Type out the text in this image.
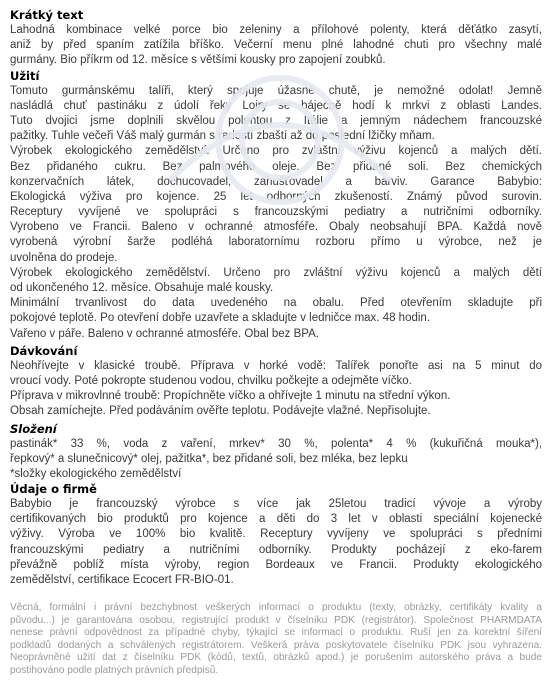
Krátký text
Lahodná kombinace velké porce bio zeleniny a přílohové polenty, která děťátko zasytí,
aniž by před spaním zatížila bříško. Večerní menu plné lahodné chuti pro všechny malé
gurmány. Bio příkrm od 12. měsíce s většími kousky pro zapojení zoubků.
Užití
Tomuto gurmánskému talíři, který spojuje úžasné chutě, je nemožné odolat! Jemně
nasládlá chuť pastináku z údolí řeky Loiry se báječně hodí k mrkvi z oblasti Landes.
Tuto dvojici jsme doplnili skvělou polentou z Itálie a jemným nádechem francouzské
pažitky. Tuhle večeři Váš malý gurmán s radostí zbaští až do poslední lžičky mňam.
Výrobek ekologického zemědělství. Určeno pro zvláštní výživu kojenců a malých dětí.
Bez přidaného cukru. Bez palmového oleje. Bez přidané soli. Bez chemických
konzervačních látek, dochucovadel, zahušťovadel a barviv. Garance Babybio:
Ekologická výživa pro kojence. 25 let odborných zkušeností. Známý původ surovin.
Receptury vyvíjené ve spolupráci s francouzskými pediatry a nutričními odborníky.
Vyrobeno ve Francii. Baleno v ochranné atmosféře. Obaly neobsahují BPA. Každá nově
vyrobená výrobní šarže podléhá laboratornímu rozboru přímo u výrobce, než je
uvolněna do prodeje.
Výrobek ekologického zemědělství. Určeno pro zvláštní výživu kojenců a malých dětí
od ukončeného 12. měsíce. Obsahuje malé kousky.
Minimální trvanlivost do data uvedeného na obalu. Před otevřením skladujte při
pokojové teplotě. Po otevření dobře uzavřete a skladujte v ledničce max. 48 hodin.
Vařeno v páře. Baleno v ochranné atmosféře. Obal bez BPA.
Dávkování
Neohřívejte v klasické troubě. Příprava v horké vodě: Talířek ponořte asi na 5 minut do
vroucí vody. Poté pokropte studenou vodou, chvilku počkejte a odejměte víčko.
Příprava v mikrovlnné troubě: Propíchněte víčko a ohřívejte 1 minutu na střední výkon.
Obsah zamíchejte. Před podáváním ověřte teplotu. Podávejte vlažné. Nepřisolujte.
Složení
pastinák* 33 %, voda z vaření, mrkev* 30 %, polenta* 4 % (kukuřičná mouka*),
řepkový* a slunečnicový* olej, pažitka*, bez přidané soli, bez mléka, bez lepku
*složky ekologického zemědělství
Údaje o firmě
Babybio je francouzský výrobce s více jak 25letou tradicí vývoje a výroby
certifikovaných bio produktů pro kojence a děti do 3 let v oblasti speciální kojenecké
výživy. Výroba ve 100% bio kvalitě. Receptury vyvíjeny ve spolupráci s předními
francouzskými pediatry a nutričními odborníky. Produkty pocházejí z eko-farem
převážně poblíž místa výroby, region Bordeaux ve Francii. Produkty ekologického
zemědělství, certifikace Ecocert FR-BIO-01.
Věcná, formální i právní bezchybnost veškerých informací o produktu (texty, obrázky, certifikáty kvality a
původu...) je garantována osobou, registrující produkt v číselníku PDK (registrátor). Společnost PHARMDATA
nenese právní odpovědnost za případné chyby, týkající se informací o produktu. Ruší jen za korektní šíření
podkladů dodaných a schválených registrátorem. Veškerá práva poskytovatele číselníku PDK jsou vyhrazena.
Neoprávněné užití dat z číselníku PDK (kódů, textů, obrázků apod.) je porušením autorského práva a bude
postihováno podle platných právních předpisů.
